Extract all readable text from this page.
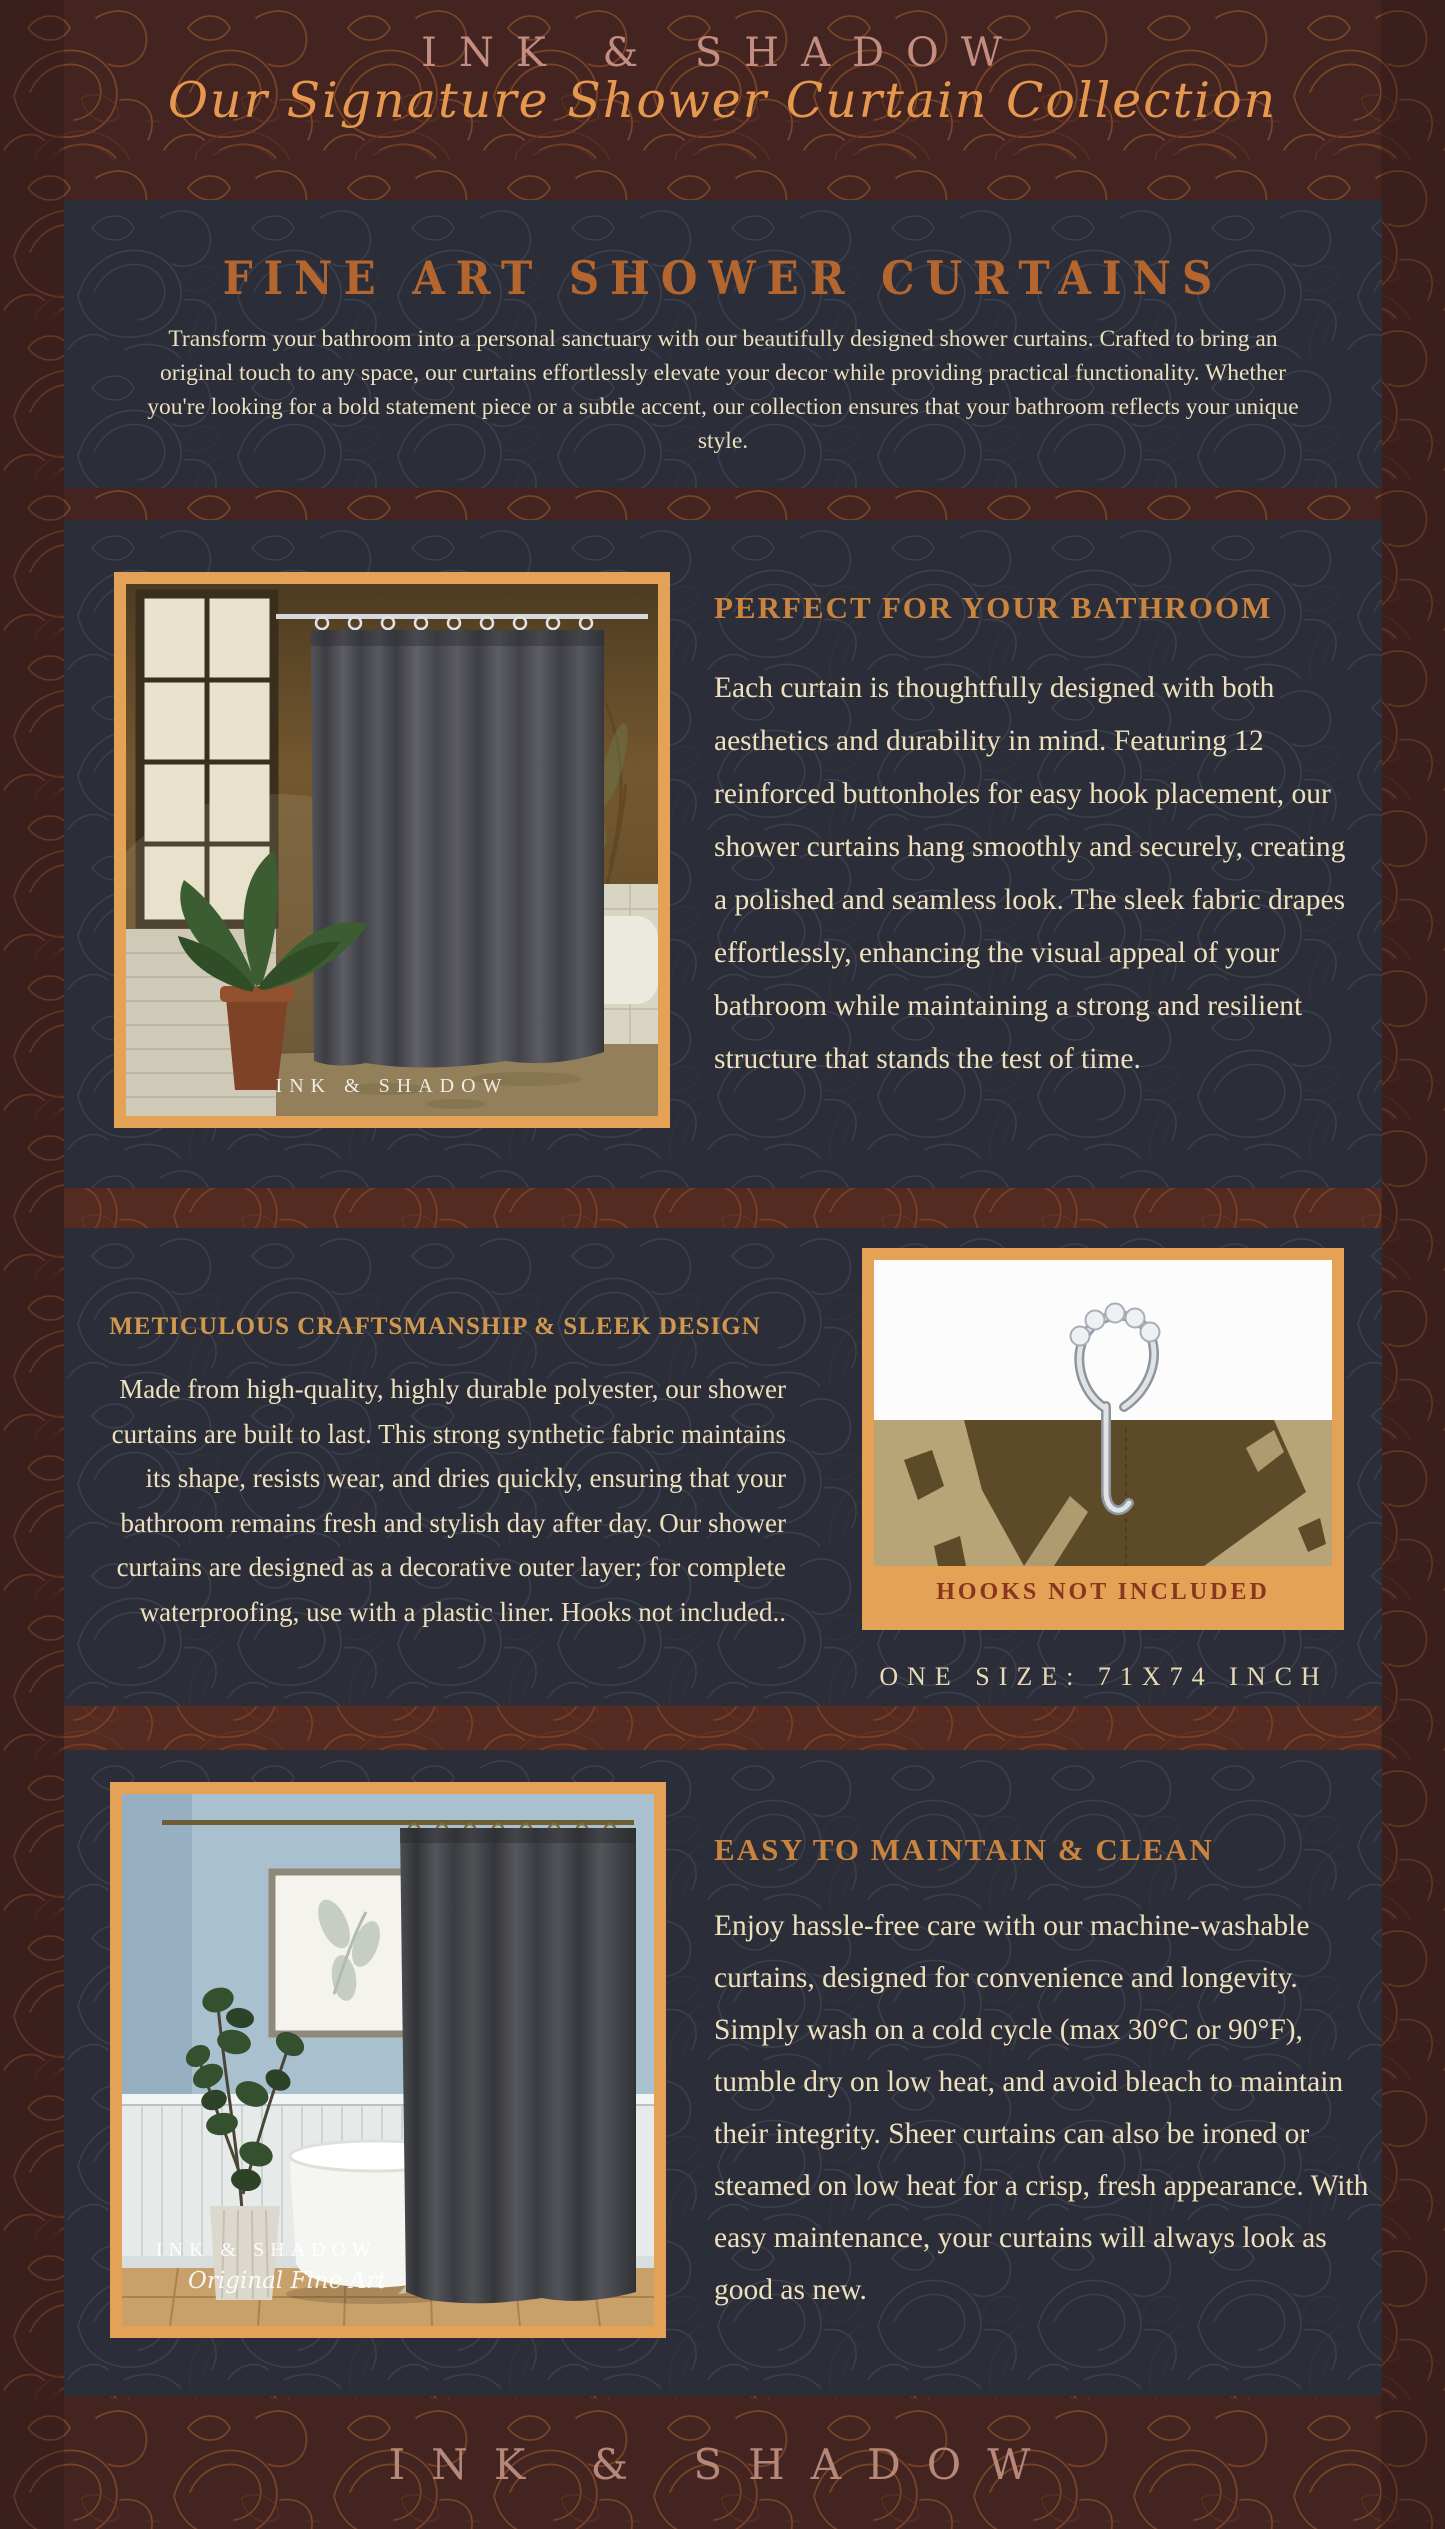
INK & SHADOW
Our Signature Shower Curtain Collection
FINE ART SHOWER CURTAINS

Transform your bathroom into a personal sanctuary with our beautifully designed shower curtains. Crafted to bring an original touch to any space, our curtains effortlessly elevate your decor while providing practical functionality. Whether you're looking for a bold statement piece or a subtle accent, our collection ensures that your bathroom reflects your unique style.

INK & SHADOW
PERFECT FOR YOUR BATHROOM

Each curtain is thoughtfully designed with both aesthetics and durability in mind. Featuring 12 reinforced buttonholes for easy hook placement, our shower curtains hang smoothly and securely, creating a polished and seamless look. The sleek fabric drapes effortlessly, enhancing the visual appeal of your bathroom while maintaining a strong and resilient structure that stands the test of time.

METICULOUS CRAFTSMANSHIP & SLEEK DESIGN

Made from high-quality, highly durable polyester, our shower curtains are built to last. This strong synthetic fabric maintains its shape, resists wear, and dries quickly, ensuring that your bathroom remains fresh and stylish day after day. Our shower curtains are designed as a decorative outer layer; for complete waterproofing, use with a plastic liner. Hooks not included..

HOOKS NOT INCLUDED
ONE SIZE: 71X74 INCH
INK & SHADOW
Original Fine Art
EASY TO MAINTAIN & CLEAN

Enjoy hassle-free care with our machine-washable curtains, designed for convenience and longevity. Simply wash on a cold cycle (max 30°C or 90°F), tumble dry on low heat, and avoid bleach to maintain their integrity. Sheer curtains can also be ironed or steamed on low heat for a crisp, fresh appearance. With easy maintenance, your curtains will always look as good as new.

INK & SHADOW
